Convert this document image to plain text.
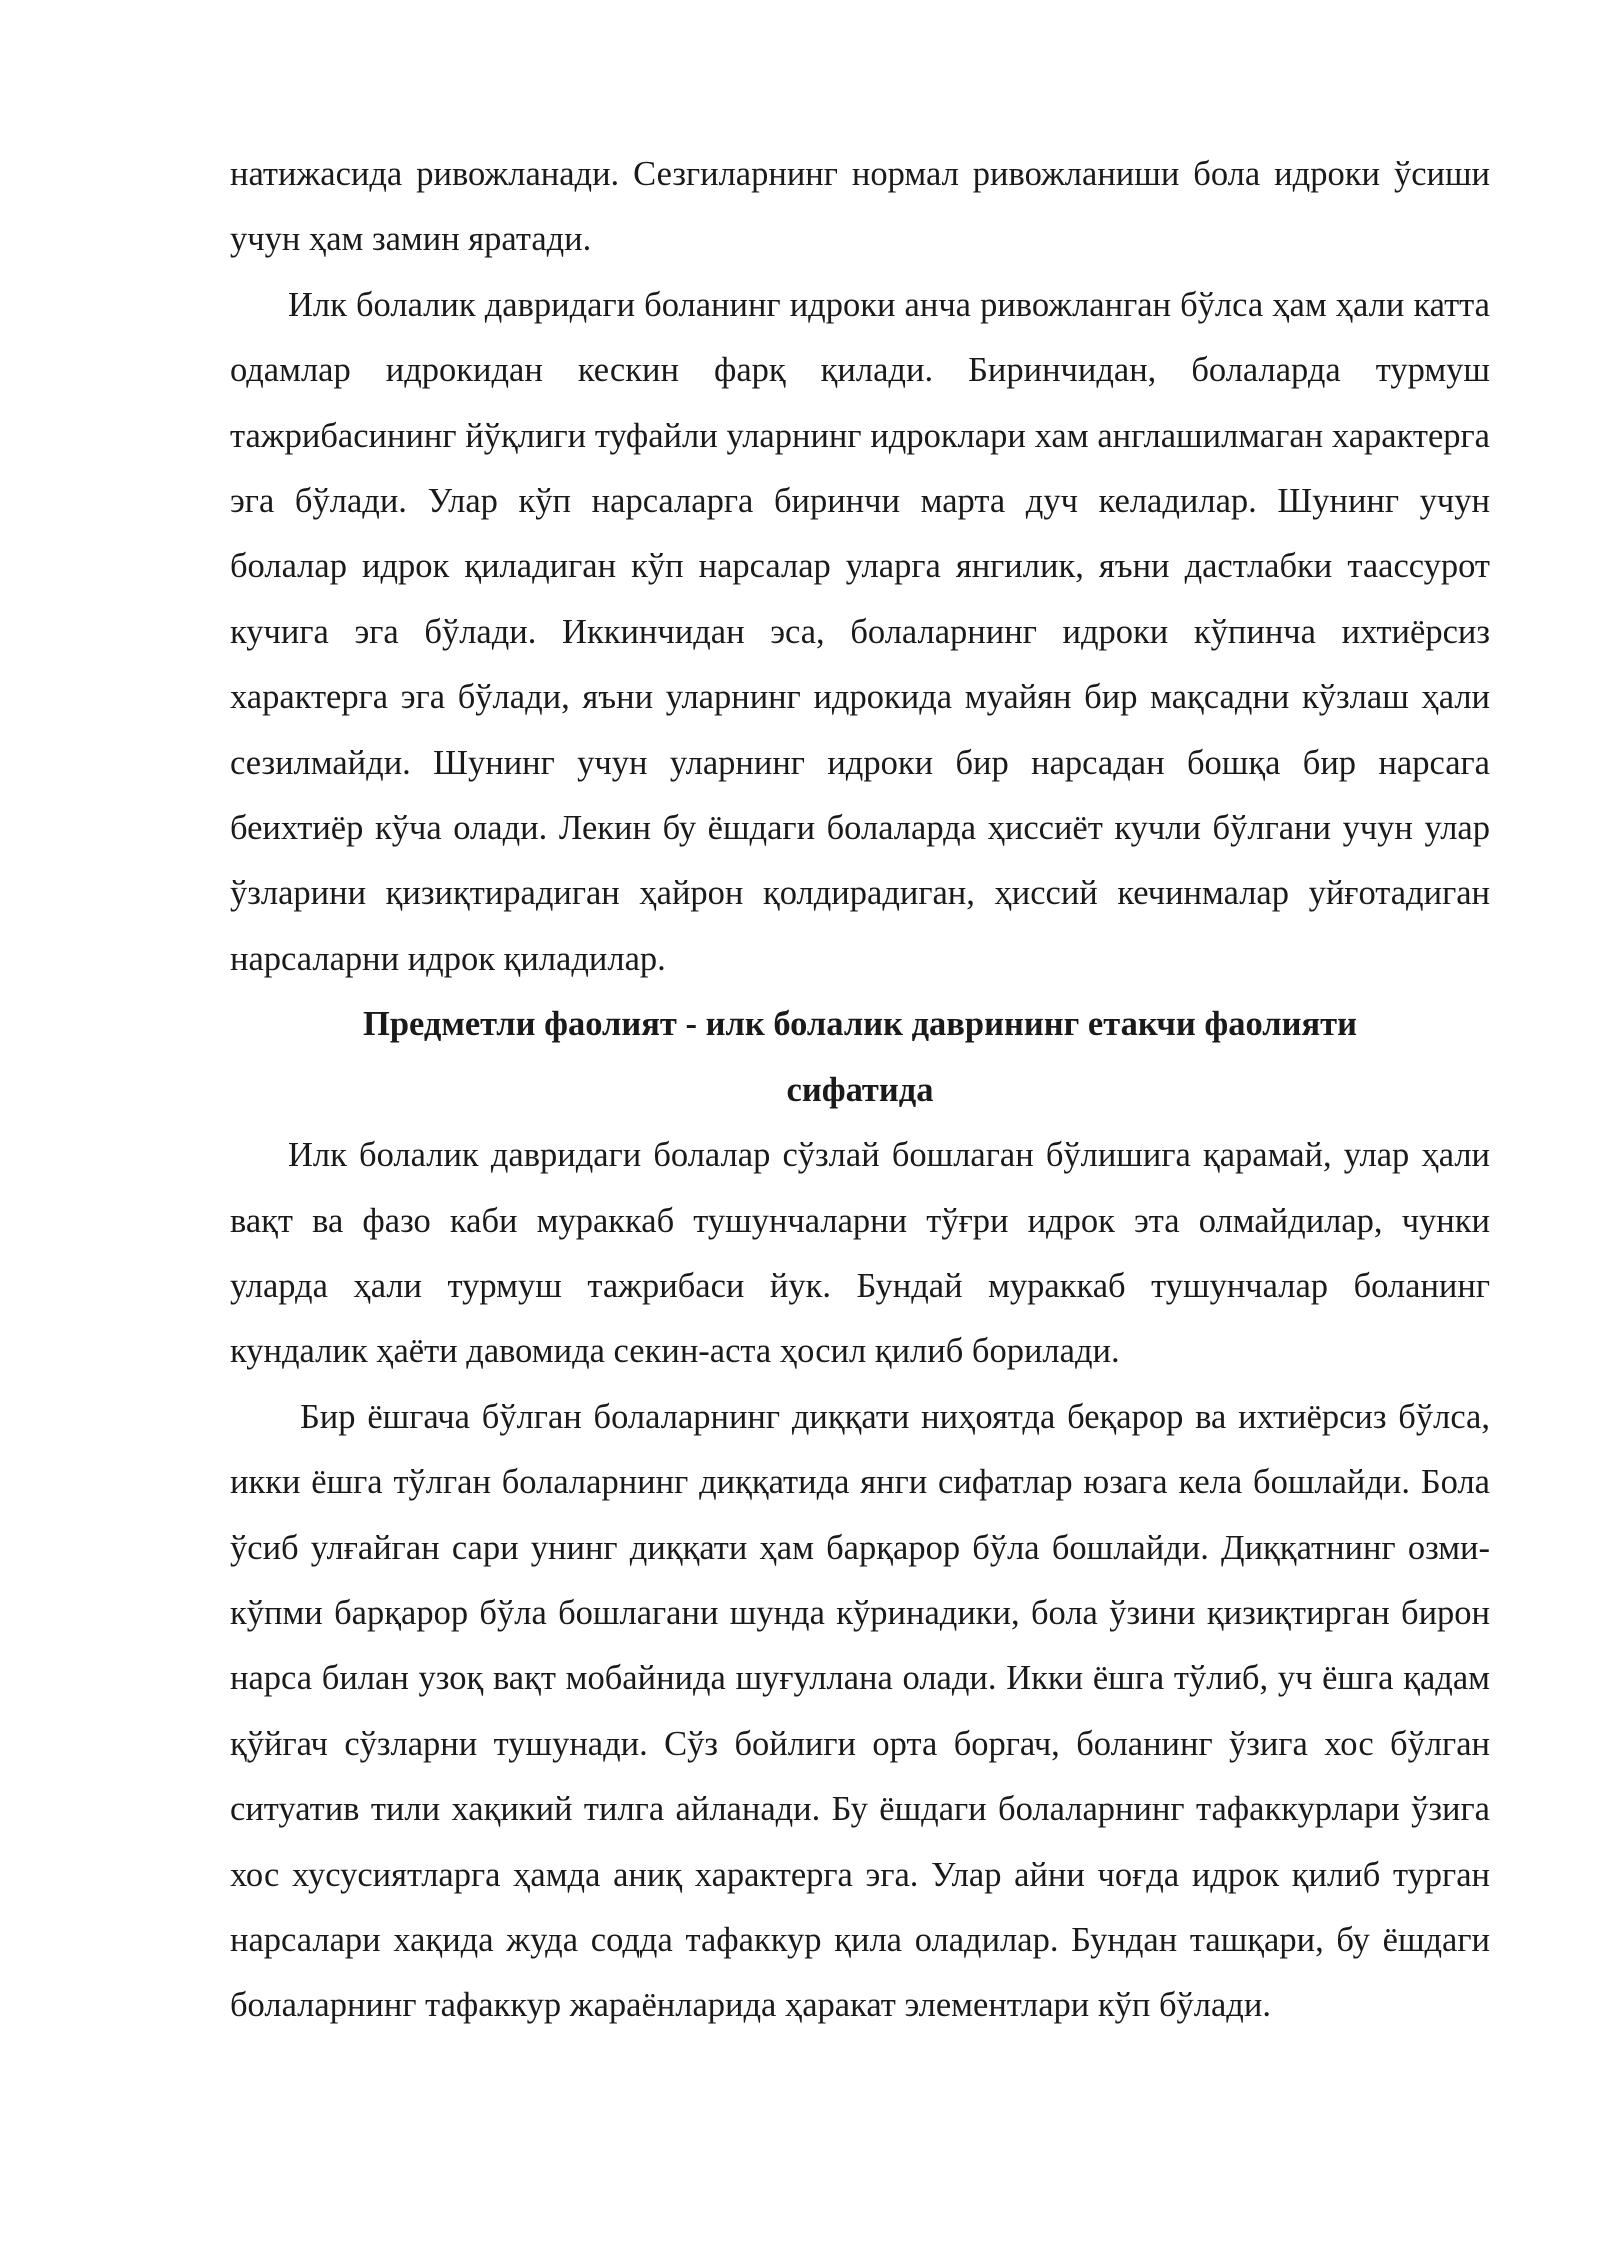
натижасида ривожланади. Сезгиларнинг нормал ривожланиши бола идроки ўсиши учун ҳам замин яратади.

Илк болалик давридаги боланинг идроки анча ривожланган бўлса ҳам ҳали катта одамлар идрокидан кескин фарқ қилади. Биринчидан, болаларда турмуш тажрибасининг йўқлиги туфайли уларнинг идроклари хам англашилмаган характерга эга бўлади. Улар кўп нарсаларга биринчи марта дуч келадилар. Шунинг учун болалар идрок қиладиган кўп нарсалар уларга янгилик, яъни дастлабки таассурот кучига эга бўлади. Иккинчидан эса, болаларнинг идроки кўпинча ихтиёрсиз характерга эга бўлади, яъни уларнинг идрокида муайян бир мақсадни кўзлаш ҳали сезилмайди. Шунинг учун уларнинг идроки бир нарсадан бошқа бир нарсага беихтиёр кўча олади. Лекин бу ёшдаги болаларда ҳиссиёт кучли бўлгани учун улар ўзларини қизиқтирадиган ҳайрон қолдирадиган, ҳиссий кечинмалар уйғотадиган нарсаларни идрок қиладилар.

Предметли фаолият - илк болалик даврининг етакчи фаолияти сифатида

Илк болалик давридаги болалар сўзлай бошлаган бўлишига қарамай, улар ҳали вақт ва фазо каби мураккаб тушунчаларни тўғри идрок эта олмайдилар, чунки уларда ҳали турмуш тажрибаси йук. Бундай мураккаб тушунчалар боланинг кундалик ҳаёти давомида секин-аста ҳосил қилиб борилади.

Бир ёшгача бўлган болаларнинг диққати ниҳоятда беқарор ва ихтиёрсиз бўлса, икки ёшга тўлган болаларнинг диққатида янги сифатлар юзага кела бошлайди. Бола ўсиб улғайган сари унинг диққати ҳам барқарор бўла бошлайди. Диққатнинг озми-кўпми барқарор бўла бошлагани шунда кўринадики, бола ўзини қизиқтирган бирон нарса билан узоқ вақт мобайнида шуғуллана олади. Икки ёшга тўлиб, уч ёшга қадам қўйгач сўзларни тушунади. Сўз бойлиги орта боргач, боланинг ўзига хос бўлган ситуатив тили хақикий тилга айланади. Бу ёшдаги болаларнинг тафаккурлари ўзига хос хусусиятларга ҳамда аниқ характерга эга. Улар айни чоғда идрок қилиб турган нарсалари хақида жуда содда тафаккур қила оладилар. Бундан ташқари, бу ёшдаги болаларнинг тафаккур жараёнларида ҳаракат элементлари кўп бўлади.
